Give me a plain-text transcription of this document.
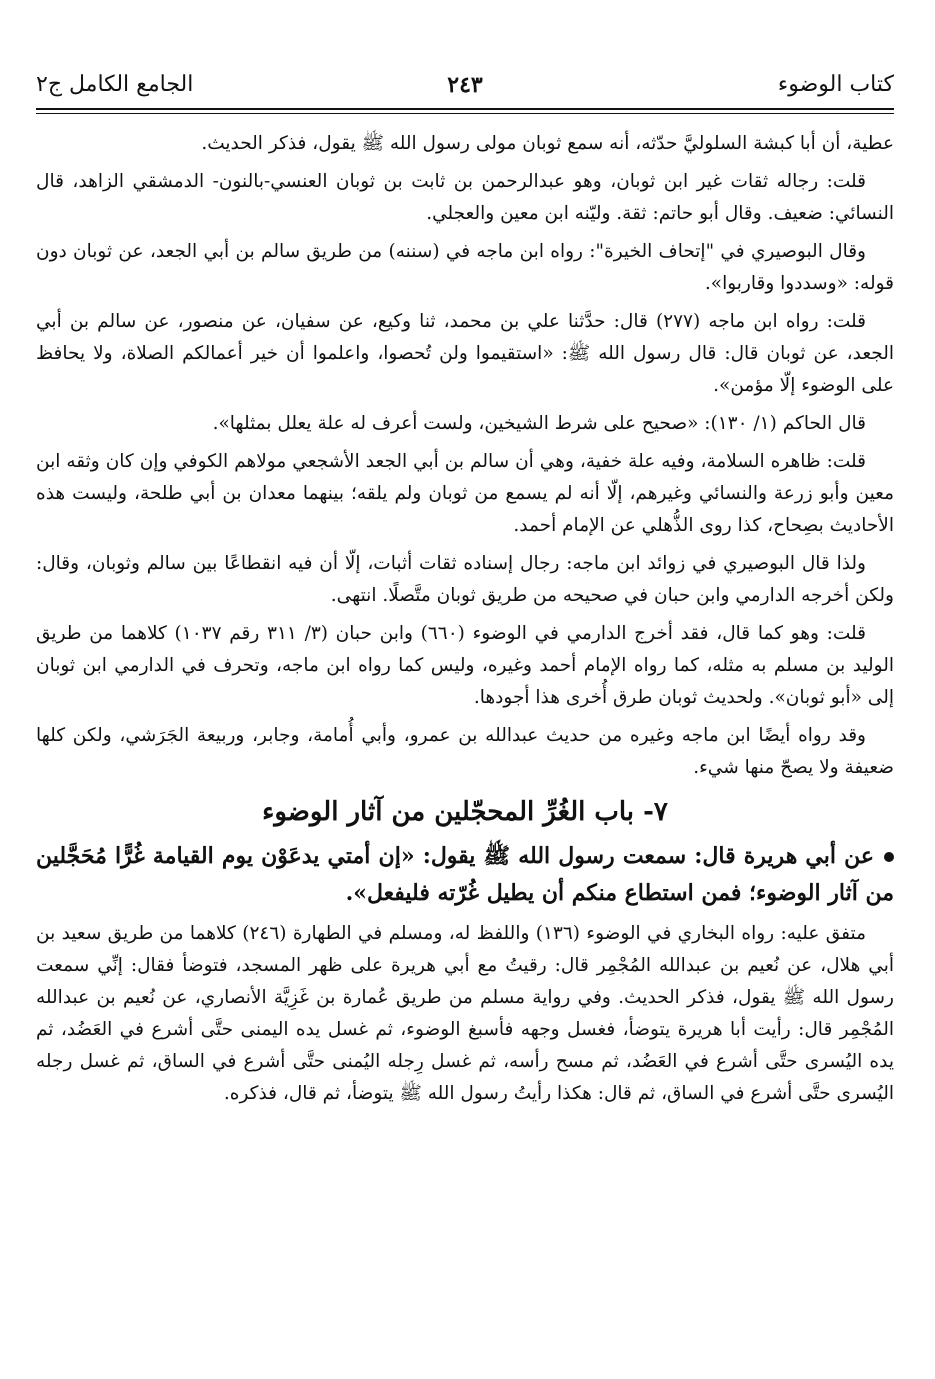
كتاب الوضوء
٢٤٣
الجامع الكامل ج٢

عطية، أن أبا كبشة السلوليَّ حدّثه، أنه سمع ثوبان مولى رسول الله ﷺ يقول، فذكر الحديث.

قلت: رجاله ثقات غير ابن ثوبان، وهو عبدالرحمن بن ثابت بن ثوبان العنسي-بالنون- الدمشقي الزاهد، قال النسائي: ضعيف. وقال أبو حاتم: ثقة. وليّنه ابن معين والعجلي.

وقال البوصيري في "إتحاف الخيرة": رواه ابن ماجه في (سننه) من طريق سالم بن أبي الجعد، عن ثوبان دون قوله: «وسددوا وقاربوا».

قلت: رواه ابن ماجه (٢٧٧) قال: حدَّثنا علي بن محمد، ثنا وكيع، عن سفيان، عن منصور، عن سالم بن أبي الجعد، عن ثوبان قال: قال رسول الله ﷺ: «استقيموا ولن تُحصوا، واعلموا أن خير أعمالكم الصلاة، ولا يحافظ على الوضوء إلّا مؤمن».

قال الحاكم (١/ ١٣٠): «صحيح على شرط الشيخين، ولست أعرف له علة يعلل بمثلها».

قلت: ظاهره السلامة، وفيه علة خفية، وهي أن سالم بن أبي الجعد الأشجعي مولاهم الكوفي وإن كان وثقه ابن معين وأبو زرعة والنسائي وغيرهم، إلّا أنه لم يسمع من ثوبان ولم يلقه؛ بينهما معدان بن أبي طلحة، وليست هذه الأحاديث بصِحاح، كذا روى الذُّهلي عن الإمام أحمد.

ولذا قال البوصيري في زوائد ابن ماجه: رجال إسناده ثقات أثبات، إلّا أن فيه انقطاعًا بين سالم وثوبان، وقال: ولكن أخرجه الدارمي وابن حبان في صحيحه من طريق ثوبان متَّصلًا. انتهى.

قلت: وهو كما قال، فقد أخرج الدارمي في الوضوء (٦٦٠) وابن حبان (٣/ ٣١١ رقم ١٠٣٧) كلاهما من طريق الوليد بن مسلم به مثله، كما رواه الإمام أحمد وغيره، وليس كما رواه ابن ماجه، وتحرف في الدارمي ابن ثوبان إلى «أبو ثوبان». ولحديث ثوبان طرق أُخرى هذا أجودها.

وقد رواه أيضًا ابن ماجه وغيره من حديث عبدالله بن عمرو، وأبي أُمامة، وجابر، وربيعة الجَرَشي، ولكن كلها ضعيفة ولا يصحّ منها شيء.

٧- باب الغُرِّ المحجّلين من آثار الوضوء

عن أبي هريرة قال: سمعت رسول الله ﷺ يقول: «إن أمتي يدعَوْن يوم القيامة غُرًّا مُحَجَّلين من آثار الوضوء؛ فمن استطاع منكم أن يطيل غُرّته فليفعل».

متفق عليه: رواه البخاري في الوضوء (١٣٦) واللفظ له، ومسلم في الطهارة (٢٤٦) كلاهما من طريق سعيد بن أبي هلال، عن نُعيم بن عبدالله المُجْمِر قال: رقيتُ مع أبي هريرة على ظهر المسجد، فتوضأ فقال: إنِّي سمعت رسول الله ﷺ يقول، فذكر الحديث. وفي رواية مسلم من طريق عُمارة بن غَزِيَّة الأنصاري، عن نُعيم بن عبدالله المُجْمِر قال: رأيت أبا هريرة يتوضأ، فغسل وجهه فأسبغ الوضوء، ثم غسل يده اليمنى حتَّى أشرع في العَضُد، ثم يده اليُسرى حتَّى أشرع في العَضُد، ثم مسح رأسه، ثم غسل رِجله اليُمنى حتَّى أشرع في الساق، ثم غسل رجله اليُسرى حتَّى أشرع في الساق، ثم قال: هكذا رأيتُ رسول الله ﷺ يتوضأ، ثم قال، فذكره.
